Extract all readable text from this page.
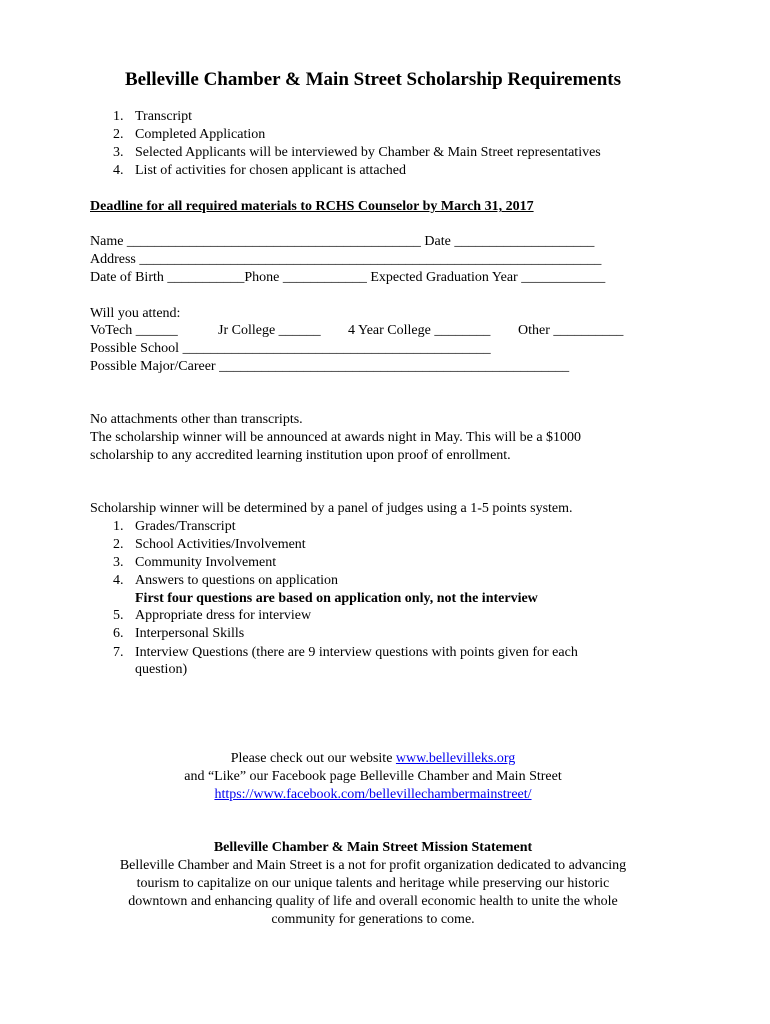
Belleville Chamber & Main Street Scholarship Requirements
1. Transcript
2. Completed Application
3. Selected Applicants will be interviewed by Chamber & Main Street representatives
4. List of activities for chosen applicant is attached
Deadline for all required materials to RCHS Counselor by March 31, 2017
Name __________________________________________ Date ____________________
Address __________________________________________________________________
Date of Birth ___________Phone ____________ Expected Graduation Year ____________
Will you attend:
VoTech ______	Jr College ______ 4 Year College ________ Other __________
Possible School ____________________________________________
Possible Major/Career __________________________________________________
No attachments other than transcripts.
The scholarship winner will be announced at awards night in May. This will be a $1000
scholarship to any accredited learning institution upon proof of enrollment.
Scholarship winner will be determined by a panel of judges using a 1-5 points system.
1. Grades/Transcript
2. School Activities/Involvement
3. Community Involvement
4. Answers to questions on application
First four questions are based on application only, not the interview
5. Appropriate dress for interview
6. Interpersonal Skills
7. Interview Questions (there are 9 interview questions with points given for each
question)
Please check out our website www.bellevilleks.org
and “Like” our Facebook page Belleville Chamber and Main Street
https://www.facebook.com/bellevillechambermainstreet/
Belleville Chamber & Main Street Mission Statement
Belleville Chamber and Main Street is a not for profit organization dedicated to advancing
tourism to capitalize on our unique talents and heritage while preserving our historic
downtown and enhancing quality of life and overall economic health to unite the whole
community for generations to come.
